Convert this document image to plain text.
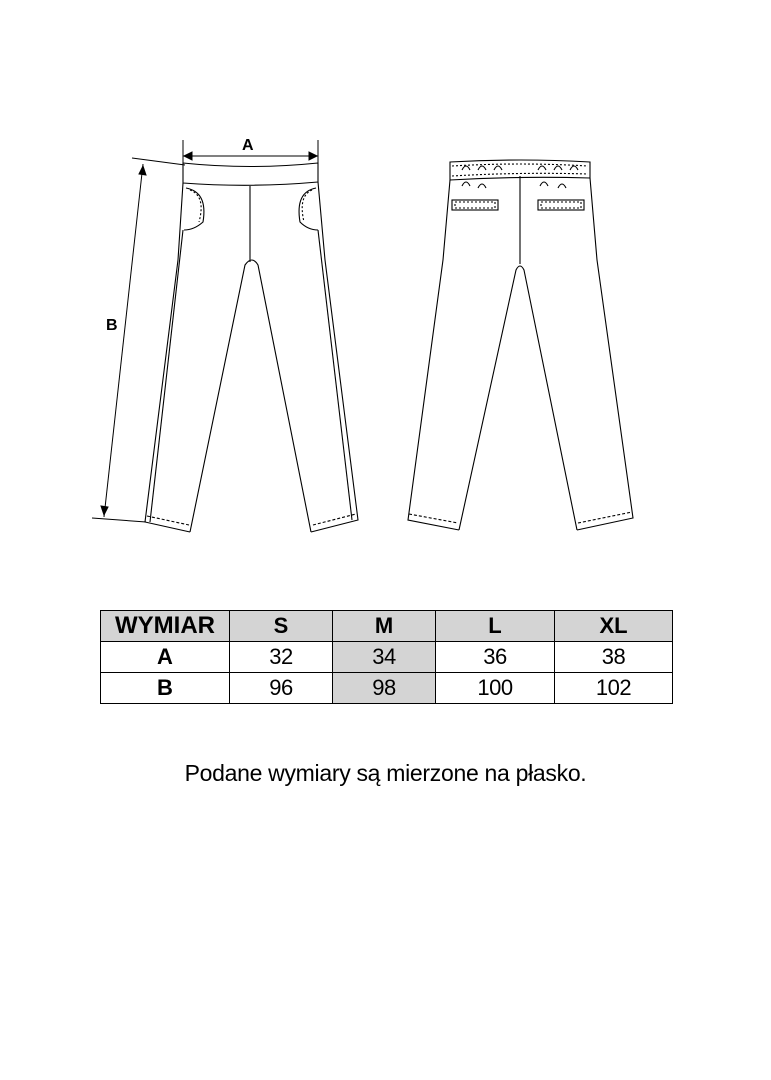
A
B
WYMIAR	S	M	L	XL
A	32	34	36	38
B	96	98	100	102
Podane wymiary są mierzone na płasko.
